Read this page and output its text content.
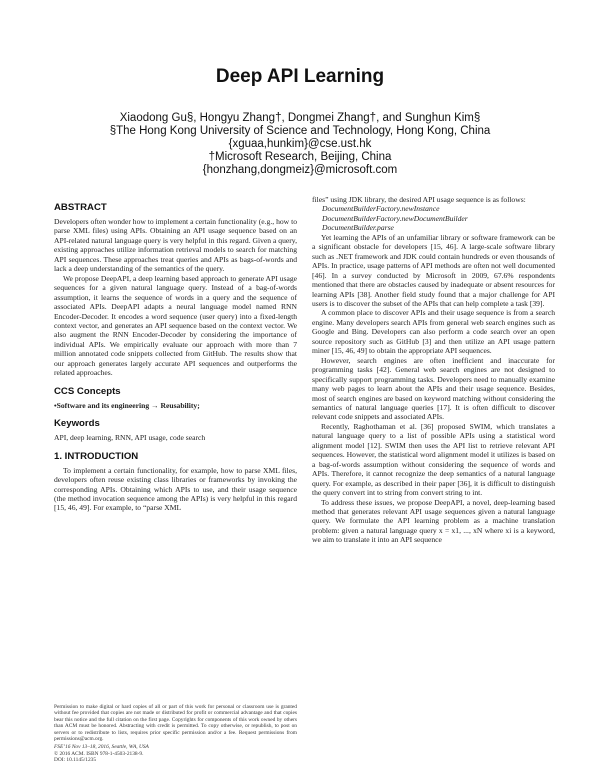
Deep API Learning
Xiaodong Gu§, Hongyu Zhang†, Dongmei Zhang†, and Sunghun Kim§
§The Hong Kong University of Science and Technology, Hong Kong, China
{xguaa,hunkim}@cse.ust.hk
†Microsoft Research, Beijing, China
{honzhang,dongmeiz}@microsoft.com
ABSTRACT

Developers often wonder how to implement a certain functionality (e.g., how to parse XML files) using APIs. Obtaining an API usage sequence based on an API-related natural language query is very helpful in this regard. Given a query, existing approaches utilize information retrieval models to search for matching API sequences. These approaches treat queries and APIs as bags-of-words and lack a deep understanding of the semantics of the query.

We propose DeepAPI, a deep learning based approach to generate API usage sequences for a given natural language query. Instead of a bag-of-words assumption, it learns the sequence of words in a query and the sequence of associated APIs. DeepAPI adapts a neural language model named RNN Encoder-Decoder. It encodes a word sequence (user query) into a fixed-length context vector, and generates an API sequence based on the context vector. We also augment the RNN Encoder-Decoder by considering the importance of individual APIs. We empirically evaluate our approach with more than 7 million annotated code snippets collected from GitHub. The results show that our approach generates largely accurate API sequences and outperforms the related approaches.

CCS Concepts

•Software and its engineering → Reusability;

Keywords

API, deep learning, RNN, API usage, code search

1. INTRODUCTION

To implement a certain functionality, for example, how to parse XML files, developers often reuse existing class libraries or frameworks by invoking the corresponding APIs. Obtaining which APIs to use, and their usage sequence (the method invocation sequence among the APIs) is very helpful in this regard [15, 46, 49]. For example, to “parse XML

Permission to make digital or hard copies of all or part of this work for personal or classroom use is granted without fee provided that copies are not made or distributed for profit or commercial advantage and that copies bear this notice and the full citation on the first page. Copyrights for components of this work owned by others than ACM must be honored. Abstracting with credit is permitted. To copy otherwise, or republish, to post on servers or to redistribute to lists, requires prior specific permission and/or a fee. Request permissions from permissions@acm.org.

FSE’16 Nov 13–18, 2016, Seattle, WA, USA
© 2016 ACM. ISBN 978-1-4503-2138-9.
DOI: 10.1145/1235

files” using JDK library, the desired API usage sequence is as follows:

DocumentBuilderFactory.newInstance

DocumentBuilderFactory.newDocumentBuilder

DocumentBuilder.parse

Yet learning the APIs of an unfamiliar library or software framework can be a significant obstacle for developers [15, 46]. A large-scale software library such as .NET framework and JDK could contain hundreds or even thousands of APIs. In practice, usage patterns of API methods are often not well documented [46]. In a survey conducted by Microsoft in 2009, 67.6% respondents mentioned that there are obstacles caused by inadequate or absent resources for learning APIs [38]. Another field study found that a major challenge for API users is to discover the subset of the APIs that can help complete a task [39].

A common place to discover APIs and their usage sequence is from a search engine. Many developers search APIs from general web search engines such as Google and Bing. Developers can also perform a code search over an open source repository such as GitHub [3] and then utilize an API usage pattern miner [15, 46, 49] to obtain the appropriate API sequences.

However, search engines are often inefficient and inaccurate for programming tasks [42]. General web search engines are not designed to specifically support programming tasks. Developers need to manually examine many web pages to learn about the APIs and their usage sequence. Besides, most of search engines are based on keyword matching without considering the semantics of natural language queries [17]. It is often difficult to discover relevant code snippets and associated APIs.

Recently, Raghothaman et al. [36] proposed SWIM, which translates a natural language query to a list of possible APIs using a statistical word alignment model [12]. SWIM then uses the API list to retrieve relevant API sequences. However, the statistical word alignment model it utilizes is based on a bag-of-words assumption without considering the sequence of words and APIs. Therefore, it cannot recognize the deep semantics of a natural language query. For example, as described in their paper [36], it is difficult to distinguish the query convert int to string from convert string to int.

To address these issues, we propose DeepAPI, a novel, deep-learning based method that generates relevant API usage sequences given a natural language query. We formulate the API learning problem as a machine translation problem: given a natural language query x = x1, ..., xN where xi is a keyword, we aim to translate it into an API sequence
